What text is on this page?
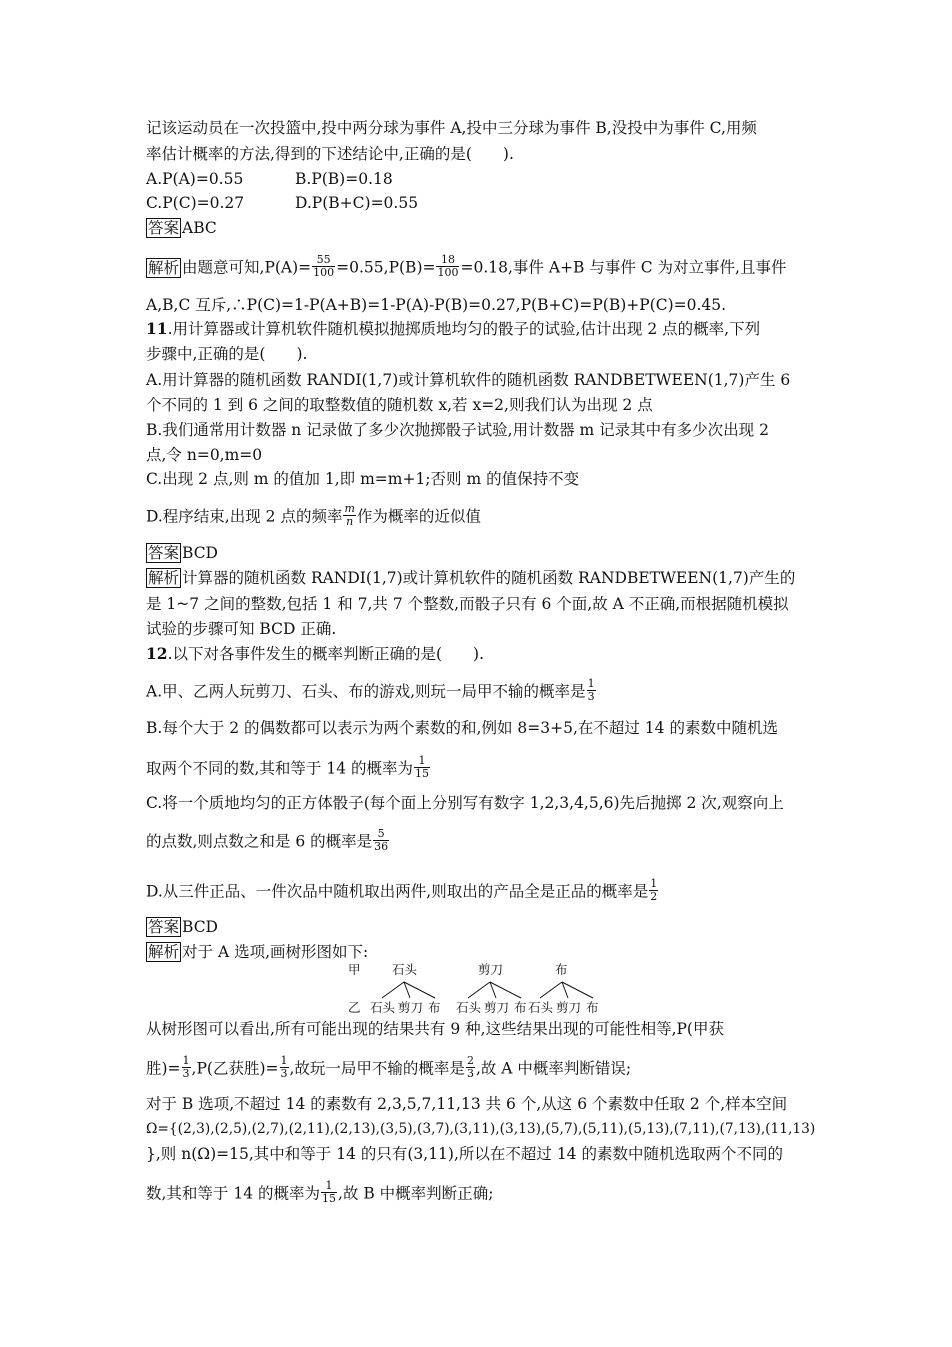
记该运动员在一次投篮中,投中两分球为事件 A,投中三分球为事件 B,没投中为事件 C,用频
率估计概率的方法,得到的下述结论中,正确的是(　　).
A.P(A)=0.55	B.P(B)=0.18
C.P(C)=0.27	D.P(B+C)=0.55
答案 ABC
解析 由题意可知$,P(A)= \frac{55}{100} =0.55,P(B)= \frac{18}{100} =0.18$,事件 A+B 与事件 C 为对立事件,且事件
A,B,C 互斥,∴P(C)=1-P(A+B)=1-P(A)-P(B)=0.27,P(B+C)=P(B)+P(C)=0.45.
11.用计算器或计算机软件随机模拟抛掷质地均匀的骰子的试验,估计出现 2 点的概率,下列
步骤中,正确的是(　　).
A.用计算器的随机函数 RANDI(1,7)或计算机软件的随机函数 RANDBETWEEN(1,7)产生 6
个不同的 1 到 6 之间的取整数值的随机数 x,若 x=2,则我们认为出现 2 点
B.我们通常用计数器 n 记录做了多少次抛掷骰子试验,用计数器 m 记录其中有多少次出现 2
点,令 n=0,m=0
C.出现 2 点,则 m 的值加 1,即 m=m+1;否则 m 的值保持不变
D.程序结束,出现 2 点的频率 $\frac{m}{n}$ 作为概率的近似值
答案 BCD
解析 计算器的随机函数 RANDI(1,7)或计算机软件的随机函数 RANDBETWEEN(1,7)产生的
是 1~7 之间的整数,包括 1 和 7,共 7 个整数,而骰子只有 6 个面,故 A 不正确,而根据随机模拟
试验的步骤可知 BCD 正确.
12.以下对各事件发生的概率判断正确的是(　　).
A.甲、乙两人玩剪刀、石头、布的游戏,则玩一局甲不输的概率是 $\frac{1}{3}$
B.每个大于 2 的偶数都可以表示为两个素数的和,例如 8=3+5,在不超过 14 的素数中随机选
取两个不同的数,其和等于 14 的概率为 $\frac{1}{15}$
C.将一个质地均匀的正方体骰子(每个面上分别写有数字 1,2,3,4,5,6)先后抛掷 2 次,观察向上
的点数,则点数之和是 6 的概率是 $\frac{5}{36}$
D.从三件正品、一件次品中随机取出两件,则取出的产品全是正品的概率是 $\frac{1}{2}$
答案 BCD
解析 对于 A 选项,画树形图如下:
甲	石头	剪刀	布
乙 石头 剪刀 布 石头 剪刀 布 石头 剪刀 布
从树形图可以看出,所有可能出现的结果共有 9 种,这些结果出现的可能性相等,P(甲获
胜)= $\frac{1}{3} ,P$(乙获胜)= $\frac{1}{3}$ ,故玩一局甲不输的概率是 $\frac{2}{3}$ ,故 A 中概率判断错误;
对于 B 选项,不超过 14 的素数有 2,3,5,7,11,13 共 6 个,从这 6 个素数中任取 2 个,样本空间
Ω={(2,3),(2,5),(2,7),(2,11),(2,13),(3,5),(3,7),(3,11),(3,13),(5,7),(5,11),(5,13),(7,11),(7,13),(11,13)
},则 n(Ω)=15,其中和等于 14 的只有(3,11),所以在不超过 14 的素数中随机选取两个不同的
数,其和等于 14 的概率为 $\frac{1}{15}$ ,故 B 中概率判断正确;
